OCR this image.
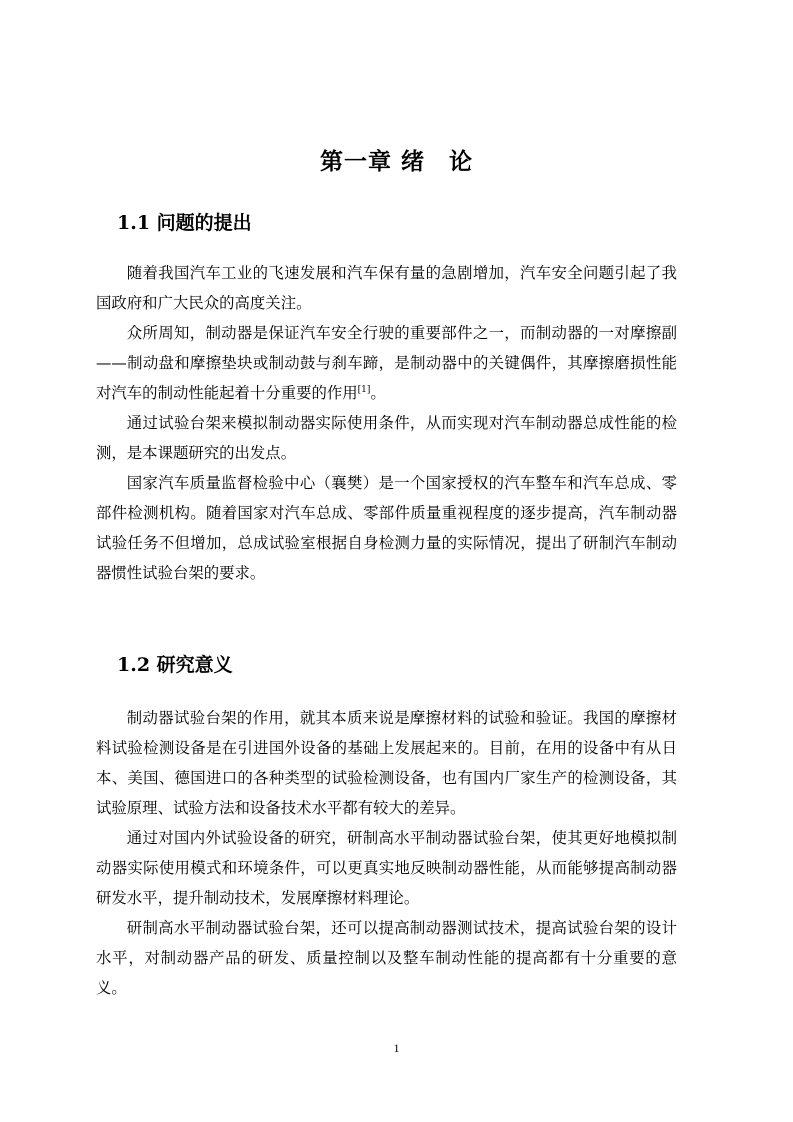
第一章 绪　论
1.1 问题的提出

随着我国汽车工业的飞速发展和汽车保有量的急剧增加，汽车安全问题引起了我国政府和广大民众的高度关注。

众所周知，制动器是保证汽车安全行驶的重要部件之一，而制动器的一对摩擦副——制动盘和摩擦垫块或制动鼓与刹车蹄，是制动器中的关键偶件，其摩擦磨损性能对汽车的制动性能起着十分重要的作用[1]。

通过试验台架来模拟制动器实际使用条件，从而实现对汽车制动器总成性能的检测，是本课题研究的出发点。

国家汽车质量监督检验中心（襄樊）是一个国家授权的汽车整车和汽车总成、零部件检测机构。随着国家对汽车总成、零部件质量重视程度的逐步提高，汽车制动器试验任务不但增加，总成试验室根据自身检测力量的实际情况，提出了研制汽车制动器惯性试验台架的要求。

1.2 研究意义

制动器试验台架的作用，就其本质来说是摩擦材料的试验和验证。我国的摩擦材料试验检测设备是在引进国外设备的基础上发展起来的。目前，在用的设备中有从日本、美国、德国进口的各种类型的试验检测设备，也有国内厂家生产的检测设备，其试验原理、试验方法和设备技术水平都有较大的差异。

通过对国内外试验设备的研究，研制高水平制动器试验台架，使其更好地模拟制动器实际使用模式和环境条件，可以更真实地反映制动器性能，从而能够提高制动器研发水平，提升制动技术，发展摩擦材料理论。

研制高水平制动器试验台架，还可以提高制动器测试技术，提高试验台架的设计水平，对制动器产品的研发、质量控制以及整车制动性能的提高都有十分重要的意义。

1
